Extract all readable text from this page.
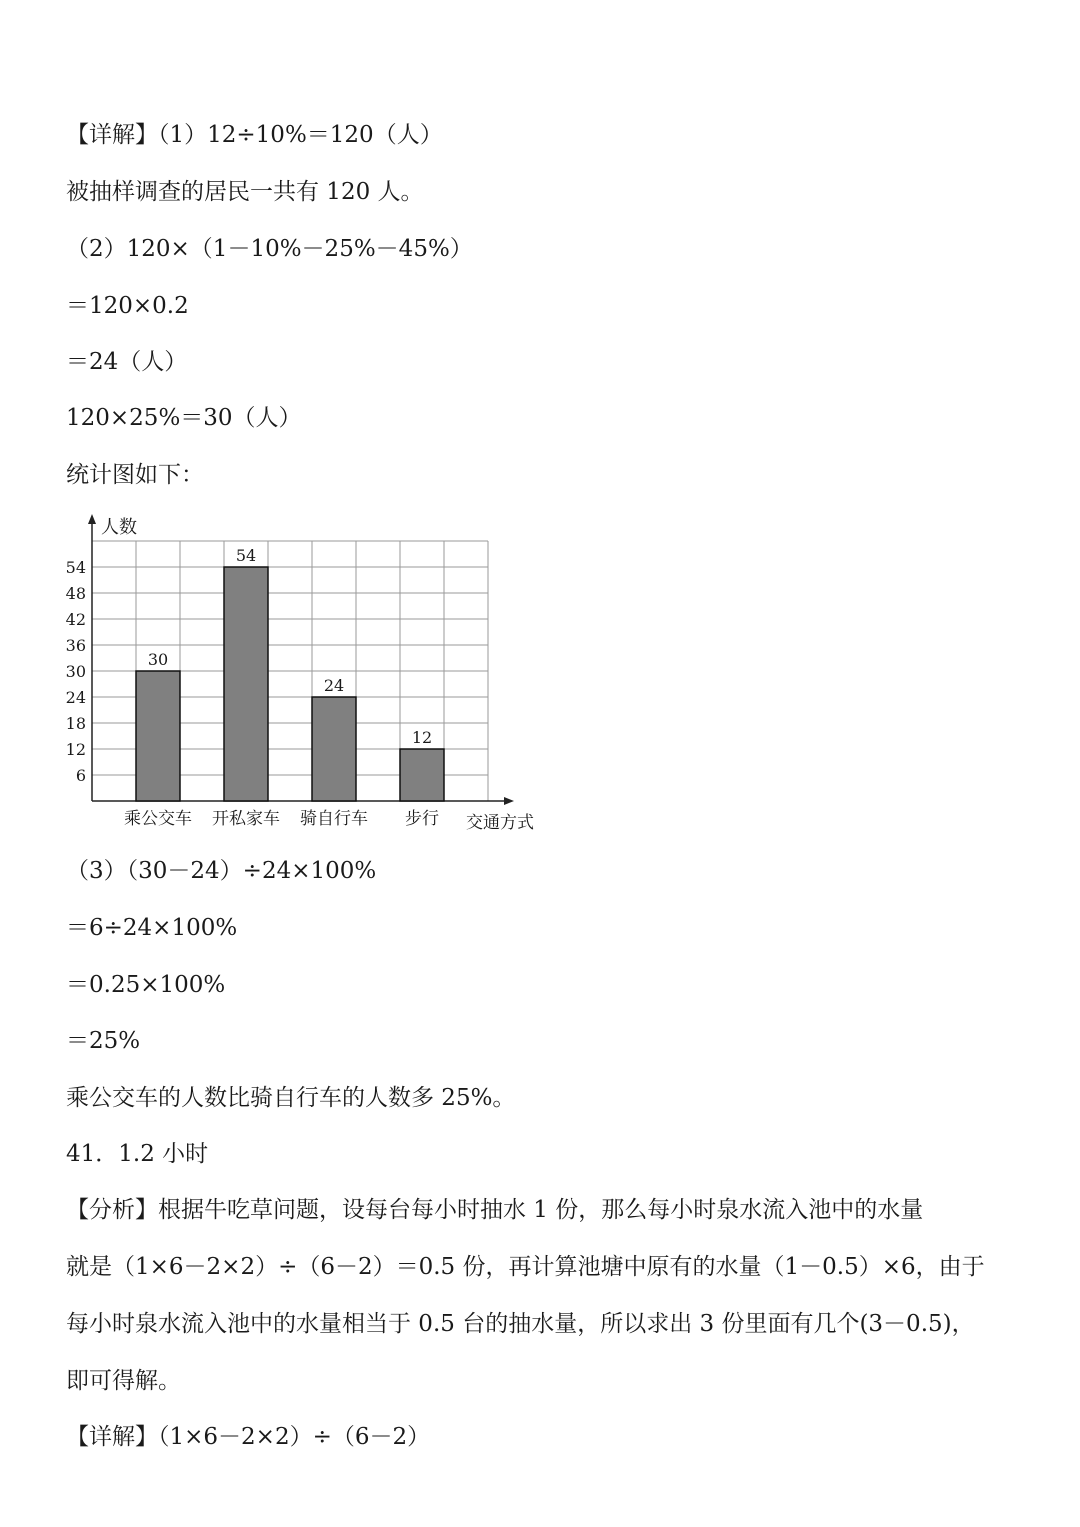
【详解】（1）12÷10%＝120（人）
被抽样调查的居民一共有 120 人。
（2）120×（1－10%－25%－45%）
＝120×0.2
＝24（人）
120×25%＝30（人）
统计图如下：
人数
交通方式
6
12
18
24
30
36
42
48
54
30
乘公交车
54
开私家车
24
骑自行车
12
步行
（3）（30－24）÷24×100%
＝6÷24×100%
＝0.25×100%
＝25%
乘公交车的人数比骑自行车的人数多 25%。
41．1.2 小时
【分析】根据牛吃草问题，设每台每小时抽水 1 份，那么每小时泉水流入池中的水量
就是（1×6－2×2）÷（6－2）＝0.5 份，再计算池塘中原有的水量（1－0.5）×6，由于
每小时泉水流入池中的水量相当于 0.5 台的抽水量，所以求出 3 份里面有几个(3－0.5)，
即可得解。
【详解】（1×6－2×2）÷（6－2）
